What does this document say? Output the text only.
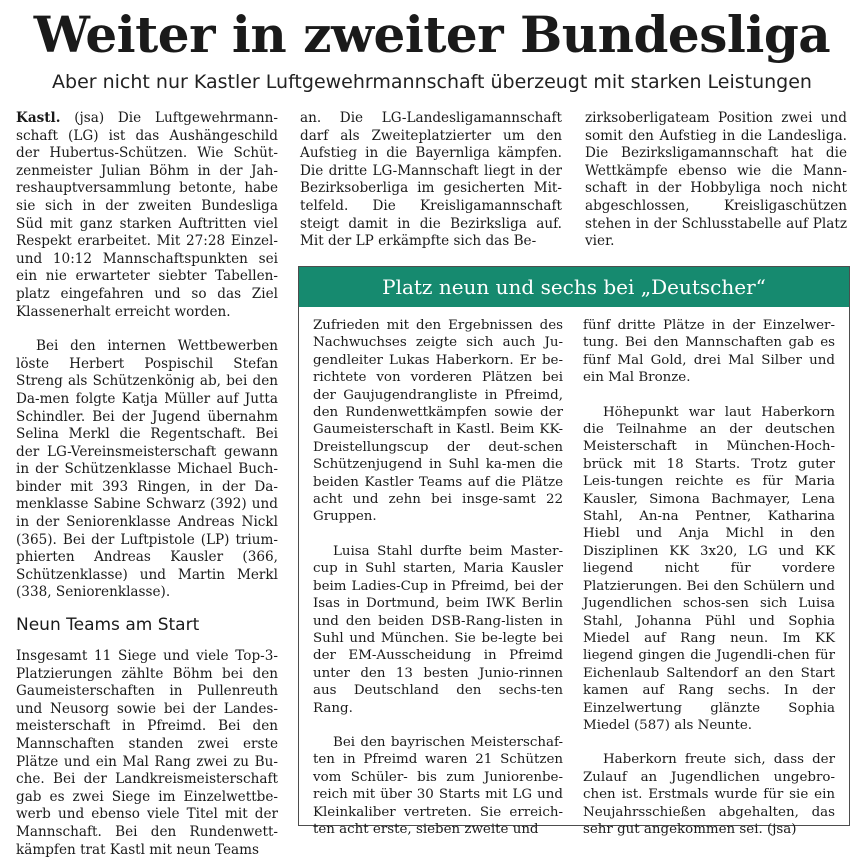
Weiter in zweiter Bundesliga
Aber nicht nur Kastler Luftgewehrmannschaft überzeugt mit starken Leistungen

Kastl. (jsa) Die Luftgewehrmann-schaft (LG) ist das Aushängeschild der Hubertus-Schützen. Wie Schüt-zenmeister Julian Böhm in der Jah-reshauptversammlung betonte, habe sie sich in der zweiten Bundesliga Süd mit ganz starken Auftritten viel Respekt erarbeitet. Mit 27:28 Einzel- und 10:12 Mannschaftspunkten sei ein nie erwarteter siebter Tabellen-platz eingefahren und so das Ziel Klassenerhalt erreicht worden.

Bei den internen Wettbewerben löste Herbert Pospischil Stefan Streng als Schützenkönig ab, bei den Da-men folgte Katja Müller auf Jutta Schindler. Bei der Jugend übernahm Selina Merkl die Regentschaft. Bei der LG-Vereinsmeisterschaft gewann in der Schützenklasse Michael Buch-binder mit 393 Ringen, in der Da-menklasse Sabine Schwarz (392) und in der Seniorenklasse Andreas Nickl (365). Bei der Luftpistole (LP) trium-phierten Andreas Kausler (366, Schützenklasse) und Martin Merkl (338, Seniorenklasse).

Neun Teams am Start

Insgesamt 11 Siege und viele Top-3-Platzierungen zählte Böhm bei den Gaumeisterschaften in Pullenreuth und Neusorg sowie bei der Landes-meisterschaft in Pfreimd. Bei den Mannschaften standen zwei erste Plätze und ein Mal Rang zwei zu Bu-che. Bei der Landkreismeisterschaft gab es zwei Siege im Einzelwettbe-werb und ebenso viele Titel mit der Mannschaft. Bei den Rundenwett-kämpfen trat Kastl mit neun Teams

an. Die LG-Landesligamannschaft darf als Zweiteplatzierter um den Aufstieg in die Bayernliga kämpfen. Die dritte LG-Mannschaft liegt in der Bezirksoberliga im gesicherten Mit-telfeld. Die Kreisligamannschaft steigt damit in die Bezirksliga auf. Mit der LP erkämpfte sich das Be-

zirksoberligateam Position zwei und somit den Aufstieg in die Landesliga. Die Bezirksligamannschaft hat die Wettkämpfe ebenso wie die Mann-schaft in der Hobbyliga noch nicht abgeschlossen, Kreisligaschützen stehen in der Schlusstabelle auf Platz vier.

Platz neun und sechs bei „Deutscher“

Zufrieden mit den Ergebnissen des Nachwuchses zeigte sich auch Ju-gendleiter Lukas Haberkorn. Er be-richtete von vorderen Plätzen bei der Gaujugendrangliste in Pfreimd, den Rundenwettkämpfen sowie der Gaumeisterschaft in Kastl. Beim KK-Dreistellungscup der deut-schen Schützenjugend in Suhl ka-men die beiden Kastler Teams auf die Plätze acht und zehn bei insge-samt 22 Gruppen.

Luisa Stahl durfte beim Master-cup in Suhl starten, Maria Kausler beim Ladies-Cup in Pfreimd, bei der Isas in Dortmund, beim IWK Berlin und den beiden DSB-Rang-listen in Suhl und München. Sie be-legte bei der EM-Ausscheidung in Pfreimd unter den 13 besten Junio-rinnen aus Deutschland den sechs-ten Rang.

Bei den bayrischen Meisterschaf-ten in Pfreimd waren 21 Schützen vom Schüler- bis zum Juniorenbe-reich mit über 30 Starts mit LG und Kleinkaliber vertreten. Sie erreich-ten acht erste, sieben zweite und

fünf dritte Plätze in der Einzelwer-tung. Bei den Mannschaften gab es fünf Mal Gold, drei Mal Silber und ein Mal Bronze.

Höhepunkt war laut Haberkorn die Teilnahme an der deutschen Meisterschaft in München-Hoch-brück mit 18 Starts. Trotz guter Leis-tungen reichte es für Maria Kausler, Simona Bachmayer, Lena Stahl, An-na Pentner, Katharina Hiebl und Anja Michl in den Disziplinen KK 3x20, LG und KK liegend nicht für vordere Platzierungen. Bei den Schülern und Jugendlichen schos-sen sich Luisa Stahl, Johanna Pühl und Sophia Miedel auf Rang neun. Im KK liegend gingen die Jugendli-chen für Eichenlaub Saltendorf an den Start kamen auf Rang sechs. In der Einzelwertung glänzte Sophia Miedel (587) als Neunte.

Haberkorn freute sich, dass der Zulauf an Jugendlichen ungebro-chen ist. Erstmals wurde für sie ein Neujahrsschießen abgehalten, das sehr gut angekommen sei. (jsa)
